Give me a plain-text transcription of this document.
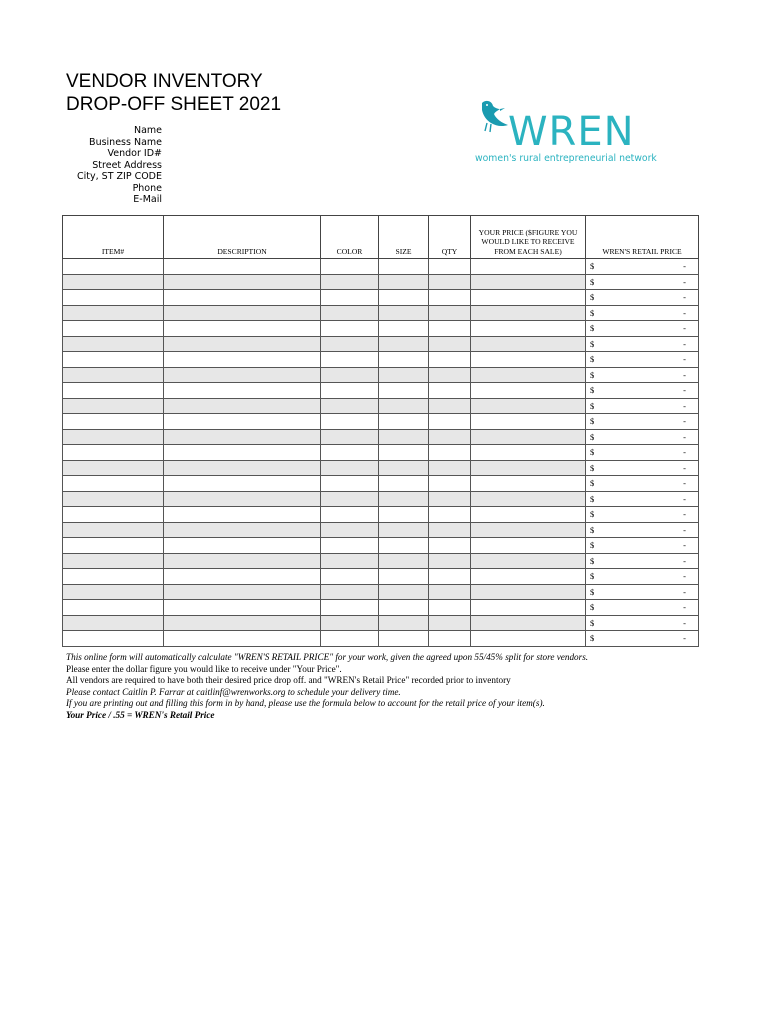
VENDOR INVENTORY
DROP-OFF SHEET 2021
Name
Business Name
Vendor ID#
Street Address
City, ST ZIP CODE
Phone
E-Mail
WREN
women's rural entrepreneurial network
ITEM#	DESCRIPTION	COLOR	SIZE	QTY	YOUR PRICE ($FIGURE YOU WOULD LIKE TO RECEIVE FROM EACH SALE)	WREN'S RETAIL PRICE

						$ -

						$ -

						$ -

						$ -

						$ -

						$ -

						$ -

						$ -

						$ -

						$ -

						$ -

						$ -

						$ -

						$ -

						$ -

						$ -

						$ -

						$ -

						$ -

						$ -

						$ -

						$ -

						$ -

						$ -

						$ -
This online form will automatically calculate "WREN'S RETAIL PRICE" for your work, given the agreed upon 55/45% split for store vendors.
Please enter the dollar figure you would like to receive under "Your Price".
All vendors are required to have both their desired price drop off. and "WREN's Retail Price" recorded prior to inventory
Please contact Caitlin P. Farrar at caitlinf@wrenworks.org to schedule your delivery time.
If you are printing out and filling this form in by hand, please use the formula below to account for the retail price of your item(s).
Your Price / .55 = WREN's Retail Price
